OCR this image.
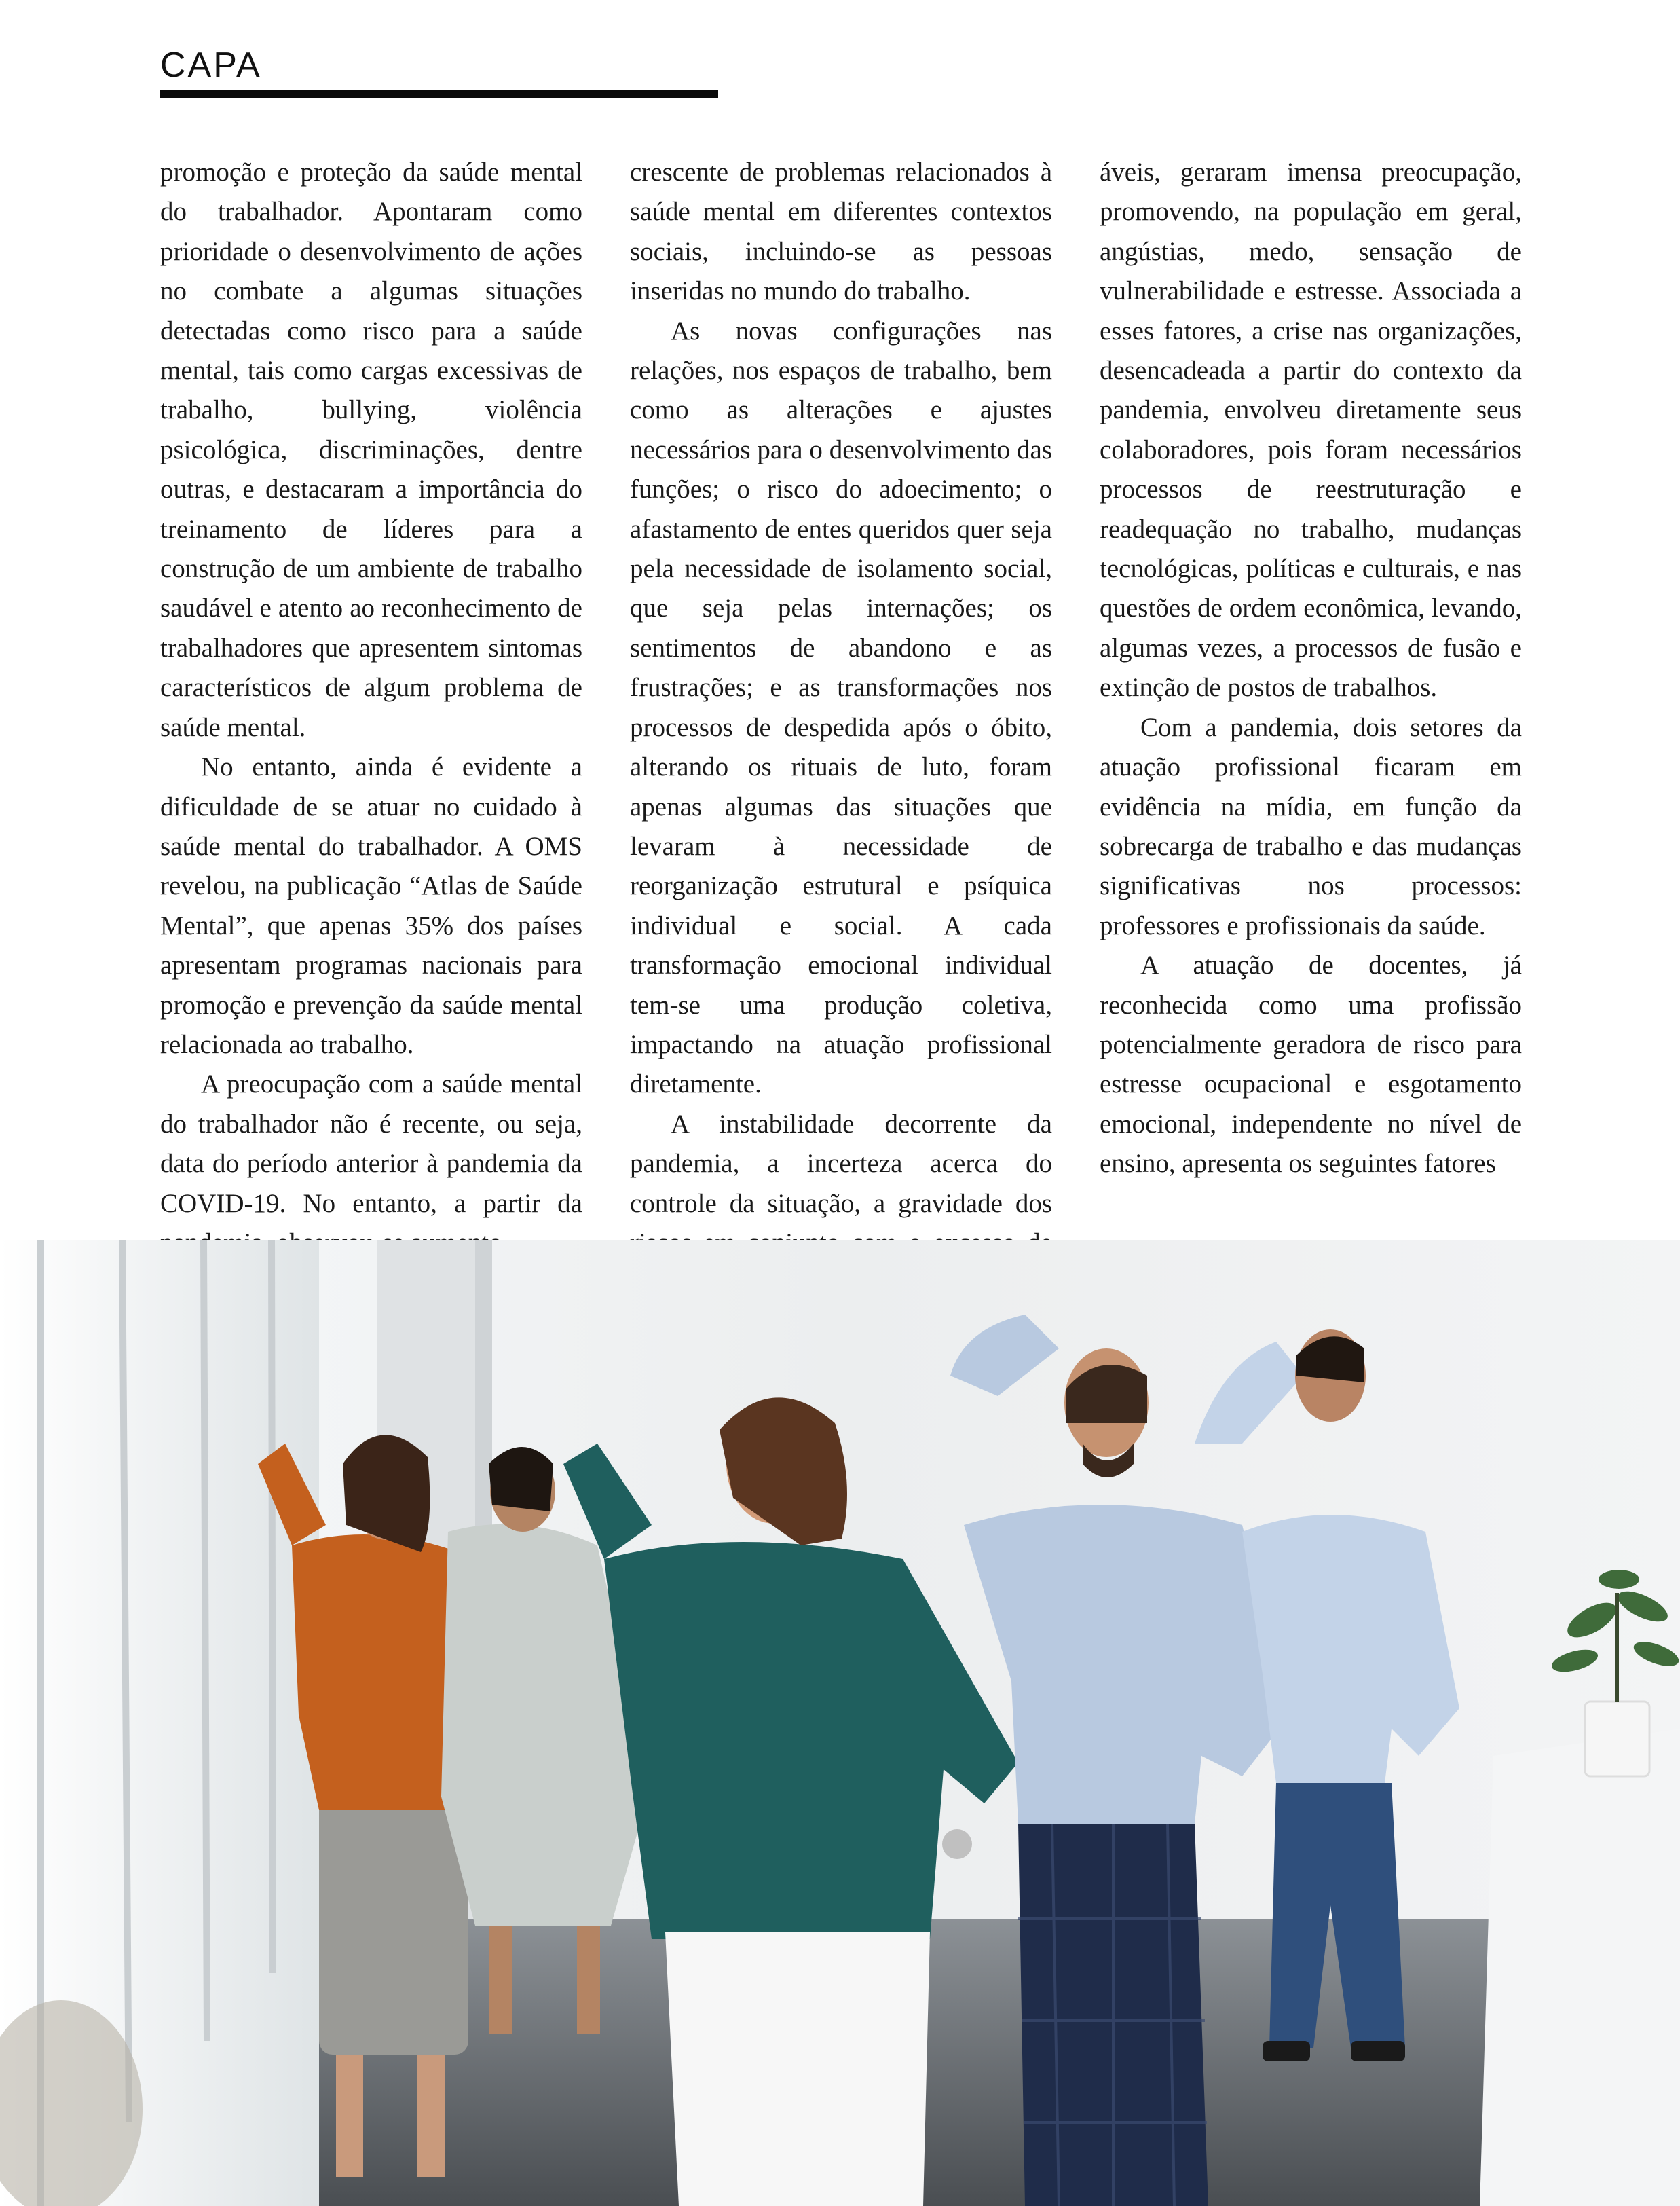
CAPA

promoção e proteção da saúde mental do trabalhador. Apontaram como prioridade o desenvolvimento de ações no combate a algumas situações detectadas como risco para a saúde mental, tais como cargas excessivas de trabalho, bullying, violência psicológica, discriminações, dentre outras, e destacaram a importância do treinamento de líderes para a construção de um ambiente de trabalho saudável e atento ao reconhecimento de trabalhadores que apresentem sintomas característicos de algum problema de saúde mental.

No entanto, ainda é evidente a dificuldade de se atuar no cuidado à saúde mental do trabalhador. A OMS revelou, na publicação “Atlas de Saúde Mental”, que apenas 35% dos países apresentam programas nacionais para promoção e prevenção da saúde mental relacionada ao trabalho.

A preocupação com a saúde mental do trabalhador não é recente, ou seja, data do período anterior à pandemia da COVID-19. No entanto, a partir da

crescente de problemas relacionados à saúde mental em diferentes contextos sociais, incluindo-se as pessoas inseridas no mundo do trabalho.

As novas configurações nas relações, nos espaços de trabalho, bem como as alterações e ajustes necessários para o desenvolvimento das funções; o risco do adoecimento; o afastamento de entes queridos quer seja pela necessidade de isolamento social, que seja pelas internações; os sentimentos de abandono e as frustrações; e as transformações nos processos de despedida após o óbito, alterando os rituais de luto, foram apenas algumas das situações que levaram à necessidade de reorganização estrutural e psíquica individual e social. A cada transformação emocional individual tem-se uma produção coletiva, impactando na atuação profissional diretamente.

A instabilidade decorrente da pandemia, a incerteza acerca do controle da situação, a gravidade dos

áveis, geraram imensa preocupação, promovendo, na população em geral, angústias, medo, sensação de vulnerabilidade e estresse. Associada a esses fatores, a crise nas organizações, desencadeada a partir do contexto da pandemia, envolveu diretamente seus colaboradores, pois foram necessários processos de reestruturação e readequação no trabalho, mudanças tecnológicas, políticas e culturais, e nas questões de ordem econômica, levando, algumas vezes, a processos de fusão e extinção de postos de trabalhos.

Com a pandemia, dois setores da atuação profissional ficaram em evidência na mídia, em função da sobrecarga de trabalho e das mudanças significativas nos processos: professores e profissionais da saúde.

A atuação de docentes, já reconhecida como uma profissão potencialmente geradora de risco para estresse ocupacional e esgotamento emocional, independente no nível de ensino, apresenta os seguintes fatores
